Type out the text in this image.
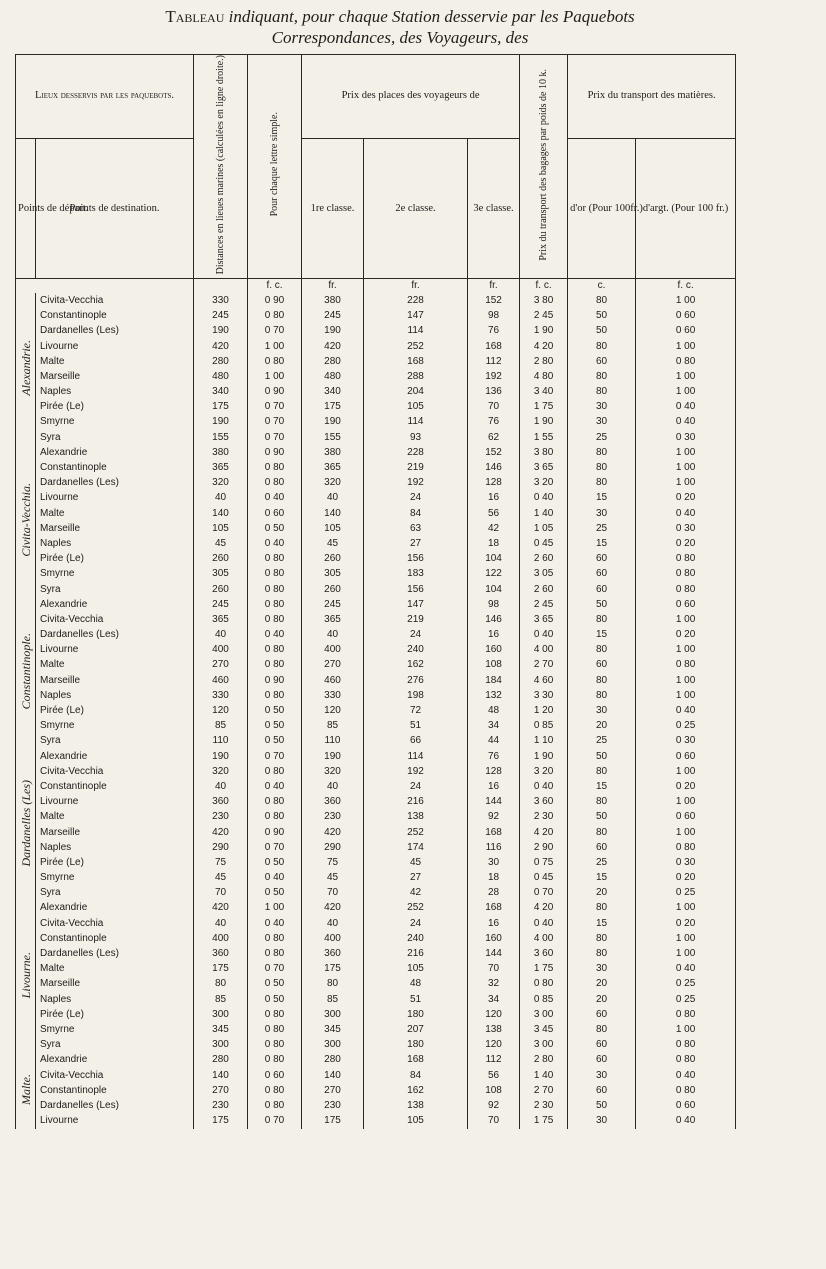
Tableau indiquant, pour chaque Station desservie par les Paquebots
Correspondances, des Voyageurs, des
Lieux desservis par les paquebots.		Distances en lieues marines (calculées en ligne droite.)	Pour chaque lettre simple.	Prix des places des voyageurs de			Prix du transport des bagages par poids de 10 k.	Prix du transport des matières.		
Points de départ.	Points de destination.			1re classe.	2e classe.	3e classe.		d'or (Pour 100fr.)	d'argt. (Pour 100 fr.)	
			f. c.	fr.	fr.	fr.	f. c.	c.	f. c.	
Alexandrie.	Civita-Vecchia	330	0 90	380	228	152	3 80	80	1 00	
	Constantinople	245	0 80	245	147	98	2 45	50	0 60	
	Dardanelles (Les)	190	0 70	190	114	76	1 90	50	0 60	
	Livourne	420	1 00	420	252	168	4 20	80	1 00	
	Malte	280	0 80	280	168	112	2 80	60	0 80	
	Marseille	480	1 00	480	288	192	4 80	80	1 00	
	Naples	340	0 90	340	204	136	3 40	80	1 00	
	Pirée (Le)	175	0 70	175	105	70	1 75	30	0 40	
	Smyrne	190	0 70	190	114	76	1 90	30	0 40	
	Syra	155	0 70	155	93	62	1 55	25	0 30	
Civita-Vecchia.	Alexandrie	380	0 90	380	228	152	3 80	80	1 00	
	Constantinople	365	0 80	365	219	146	3 65	80	1 00	
	Dardanelles (Les)	320	0 80	320	192	128	3 20	80	1 00	
	Livourne	40	0 40	40	24	16	0 40	15	0 20	
	Malte	140	0 60	140	84	56	1 40	30	0 40	
	Marseille	105	0 50	105	63	42	1 05	25	0 30	
	Naples	45	0 40	45	27	18	0 45	15	0 20	
	Pirée (Le)	260	0 80	260	156	104	2 60	60	0 80	
	Smyrne	305	0 80	305	183	122	3 05	60	0 80	
	Syra	260	0 80	260	156	104	2 60	60	0 80	
Constantinople.	Alexandrie	245	0 80	245	147	98	2 45	50	0 60	
	Civita-Vecchia	365	0 80	365	219	146	3 65	80	1 00	
	Dardanelles (Les)	40	0 40	40	24	16	0 40	15	0 20	
	Livourne	400	0 80	400	240	160	4 00	80	1 00	
	Malte	270	0 80	270	162	108	2 70	60	0 80	
	Marseille	460	0 90	460	276	184	4 60	80	1 00	
	Naples	330	0 80	330	198	132	3 30	80	1 00	
	Pirée (Le)	120	0 50	120	72	48	1 20	30	0 40	
	Smyrne	85	0 50	85	51	34	0 85	20	0 25	
	Syra	110	0 50	110	66	44	1 10	25	0 30	
Dardanelles (Les)	Alexandrie	190	0 70	190	114	76	1 90	50	0 60	
	Civita-Vecchia	320	0 80	320	192	128	3 20	80	1 00	
	Constantinople	40	0 40	40	24	16	0 40	15	0 20	
	Livourne	360	0 80	360	216	144	3 60	80	1 00	
	Malte	230	0 80	230	138	92	2 30	50	0 60	
	Marseille	420	0 90	420	252	168	4 20	80	1 00	
	Naples	290	0 70	290	174	116	2 90	60	0 80	
	Pirée (Le)	75	0 50	75	45	30	0 75	25	0 30	
	Smyrne	45	0 40	45	27	18	0 45	15	0 20	
	Syra	70	0 50	70	42	28	0 70	20	0 25	
Livourne.	Alexandrie	420	1 00	420	252	168	4 20	80	1 00	
	Civita-Vecchia	40	0 40	40	24	16	0 40	15	0 20	
	Constantinople	400	0 80	400	240	160	4 00	80	1 00	
	Dardanelles (Les)	360	0 80	360	216	144	3 60	80	1 00	
	Malte	175	0 70	175	105	70	1 75	30	0 40	
	Marseille	80	0 50	80	48	32	0 80	20	0 25	
	Naples	85	0 50	85	51	34	0 85	20	0 25	
	Pirée (Le)	300	0 80	300	180	120	3 00	60	0 80	
	Smyrne	345	0 80	345	207	138	3 45	80	1 00	
	Syra	300	0 80	300	180	120	3 00	60	0 80	
Malte.	Alexandrie	280	0 80	280	168	112	2 80	60	0 80	
	Civita-Vecchia	140	0 60	140	84	56	1 40	30	0 40	
	Constantinople	270	0 80	270	162	108	2 70	60	0 80	
	Dardanelles (Les)	230	0 80	230	138	92	2 30	50	0 60	
	Livourne	175	0 70	175	105	70	1 75	30	0 40	
